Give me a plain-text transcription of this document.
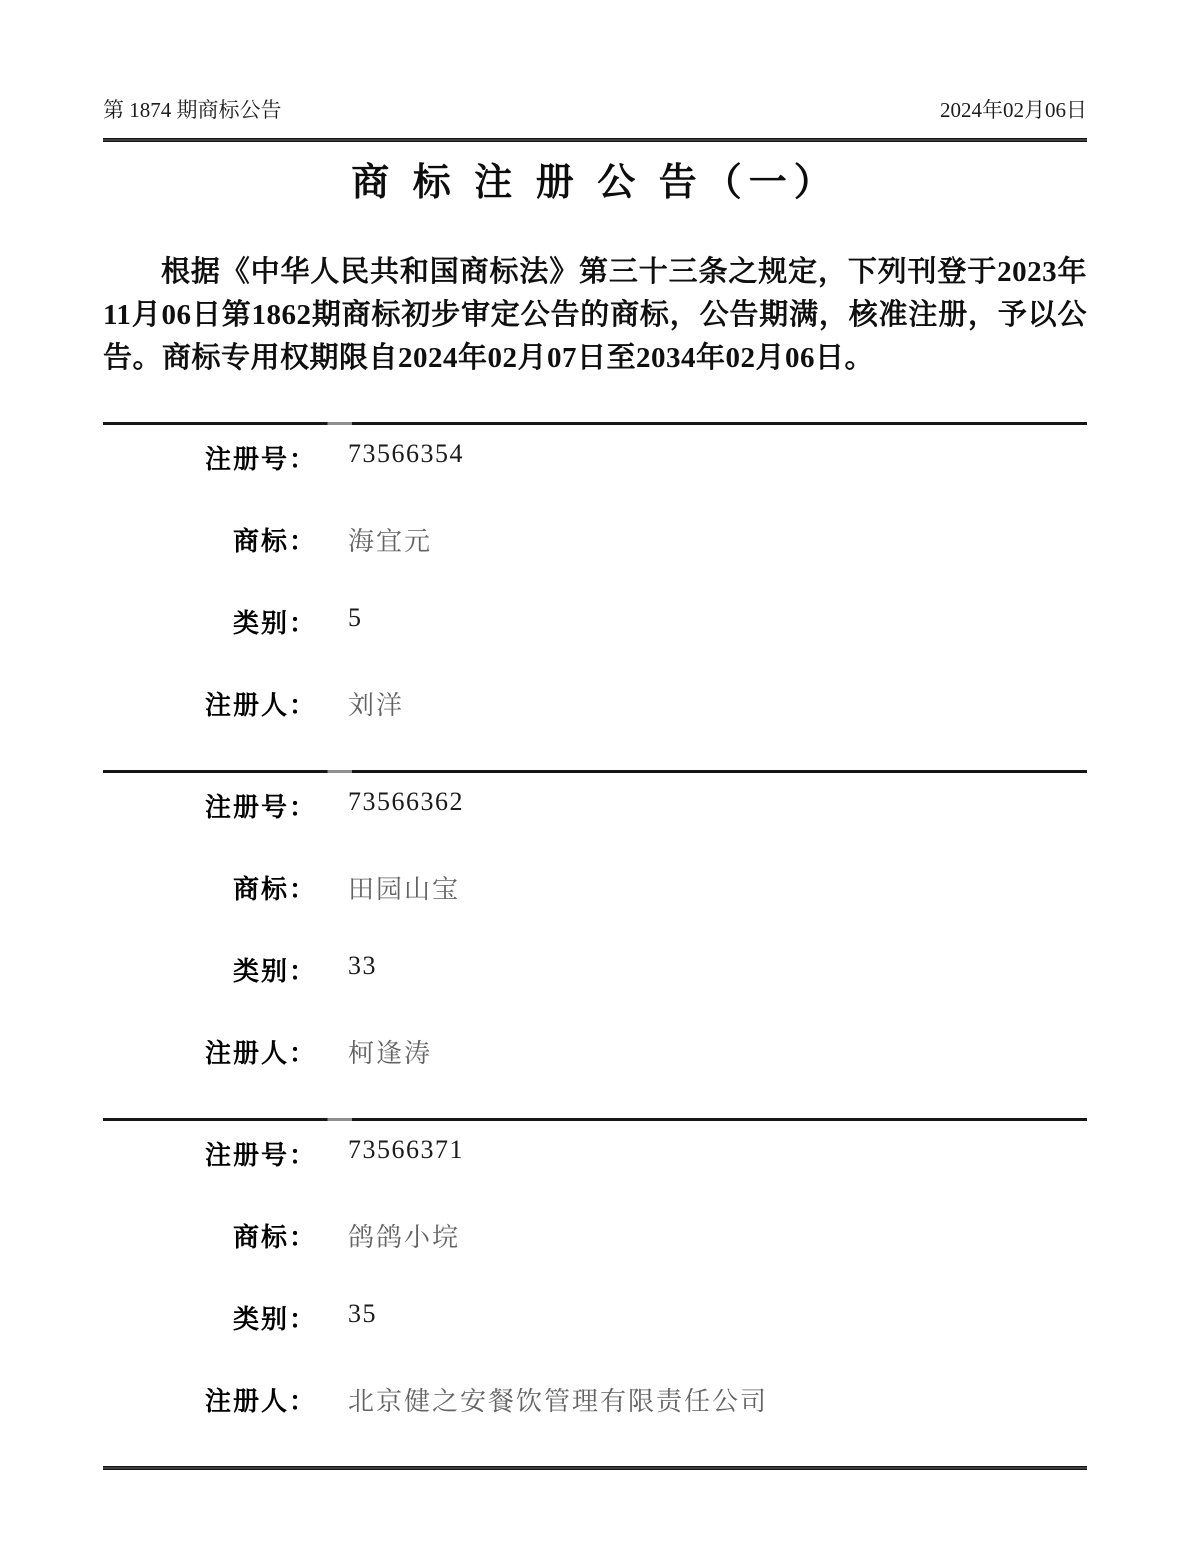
第 1874 期商标公告	2024年02月06日
商 标 注 册 公 告（一）

根据《中华人民共和国商标法》第三十三条之规定，下列刊登于2023年11月06日第1862期商标初步审定公告的商标，公告期满，核准注册，予以公告。商标专用权期限自2024年02月07日至2034年02月06日。

注册号： 73566354
商标： 海宜元
类别： 5
注册人： 刘洋
注册号： 73566362
商标： 田园山宝
类别： 33
注册人： 柯逢涛
注册号： 73566371
商标： 鸽鸽小垸
类别： 35
注册人： 北京健之安餐饮管理有限责任公司
